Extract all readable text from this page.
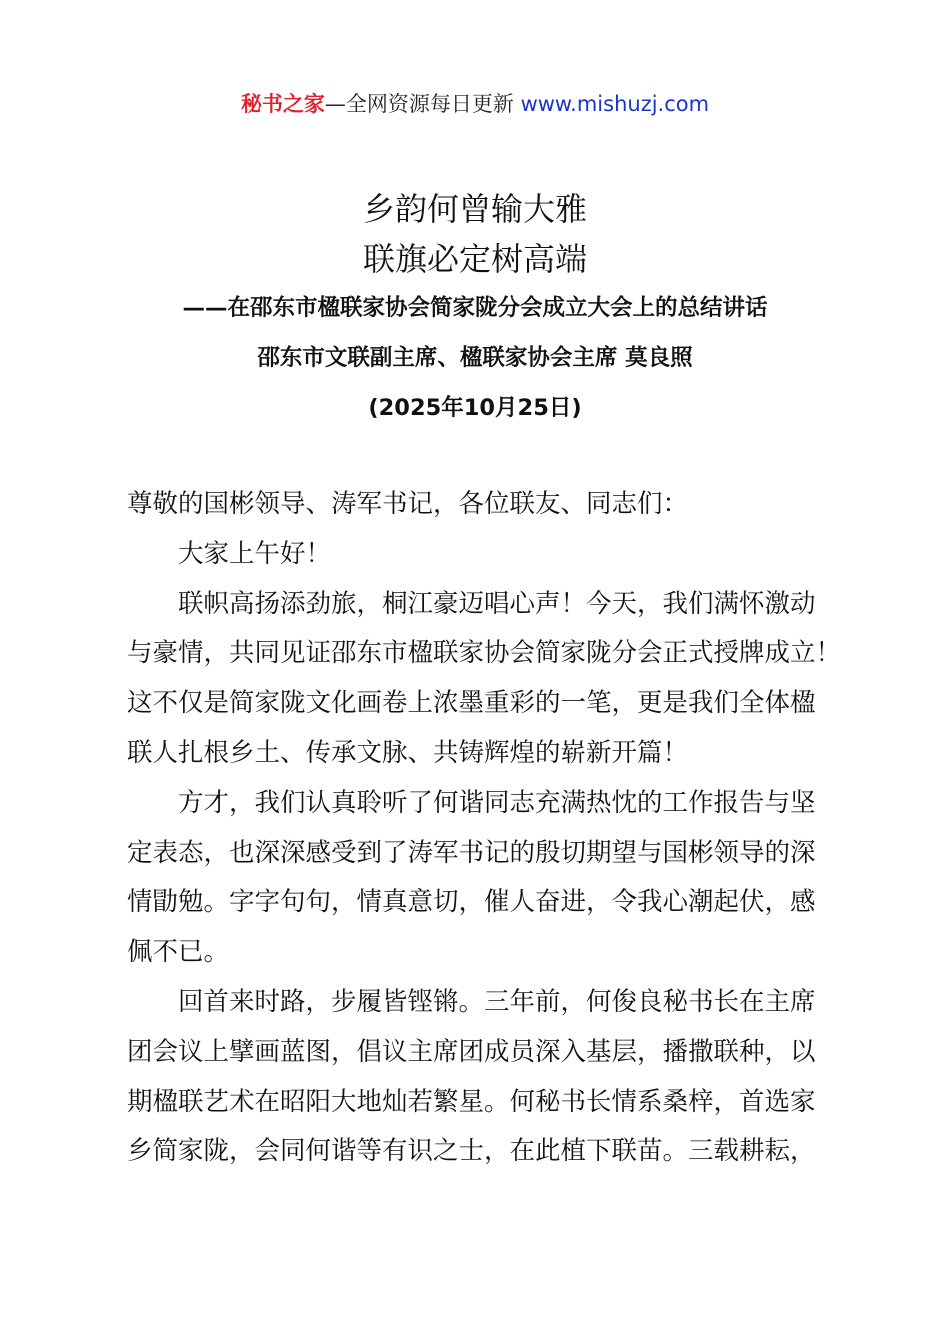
秘书之家—全网资源每日更新 www.mishuzj.com
乡韵何曾输大雅
联旗必定树高端
——在邵东市楹联家协会简家陇分会成立大会上的总结讲话
邵东市文联副主席、楹联家协会主席 莫良照
(2025年10月25日)
尊敬的国彬领导、涛军书记，各位联友、同志们：
大家上午好！
联帜高扬添劲旅，桐江豪迈唱心声！今天，我们满怀激动
与豪情，共同见证邵东市楹联家协会简家陇分会正式授牌成立！
这不仅是简家陇文化画卷上浓墨重彩的一笔，更是我们全体楹
联人扎根乡土、传承文脉、共铸辉煌的崭新开篇！
方才，我们认真聆听了何谐同志充满热忱的工作报告与坚
定表态，也深深感受到了涛军书记的殷切期望与国彬领导的深
情勖勉。字字句句，情真意切，催人奋进，令我心潮起伏，感
佩不已。
回首来时路，步履皆铿锵。三年前，何俊良秘书长在主席
团会议上擘画蓝图，倡议主席团成员深入基层，播撒联种，以
期楹联艺术在昭阳大地灿若繁星。何秘书长情系桑梓，首选家
乡简家陇，会同何谐等有识之士，在此植下联苗。三载耕耘，
